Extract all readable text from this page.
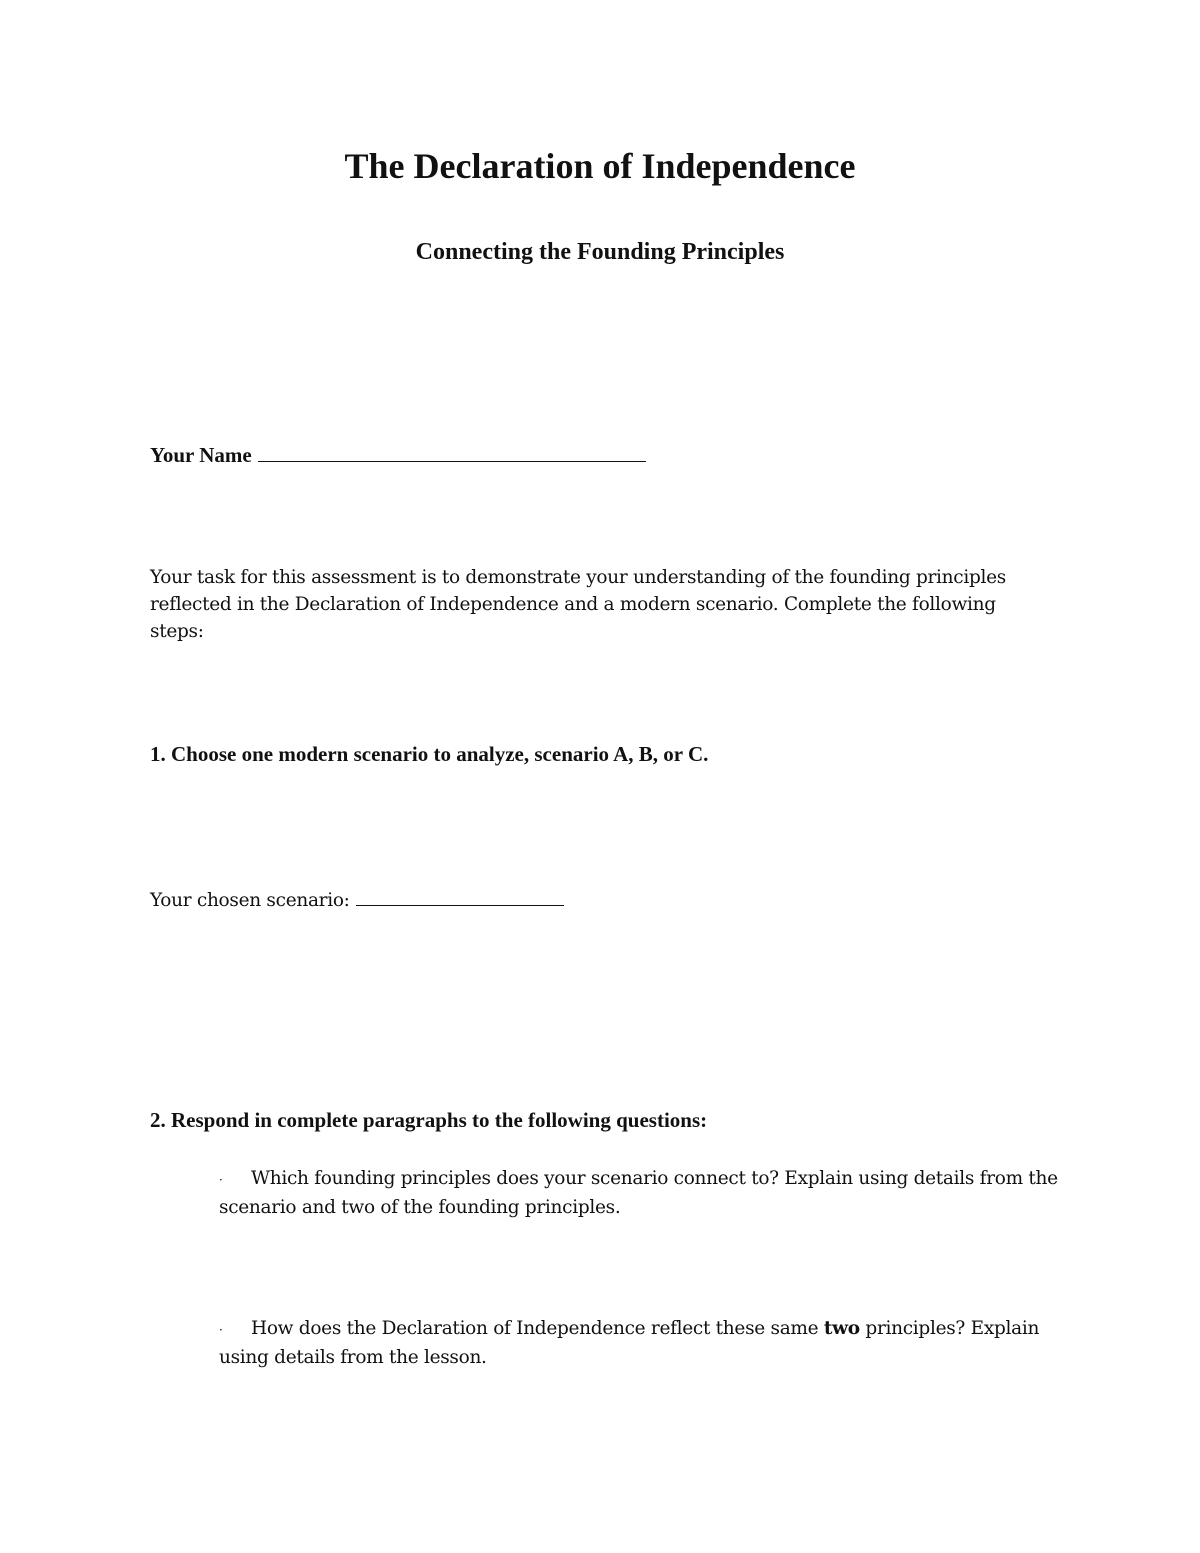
The Declaration of Independence
Connecting the Founding Principles
Your Name

Your task for this assessment is to demonstrate your understanding of the founding principles reflected in the Declaration of Independence and a modern scenario. Complete the following steps:

1. Choose one modern scenario to analyze, scenario A, B, or C.
Your chosen scenario:
2. Respond in complete paragraphs to the following questions:
· Which founding principles does your scenario connect to? Explain using details from the scenario and two of the founding principles.
· How does the Declaration of Independence reflect these same two principles? Explain using details from the lesson.
